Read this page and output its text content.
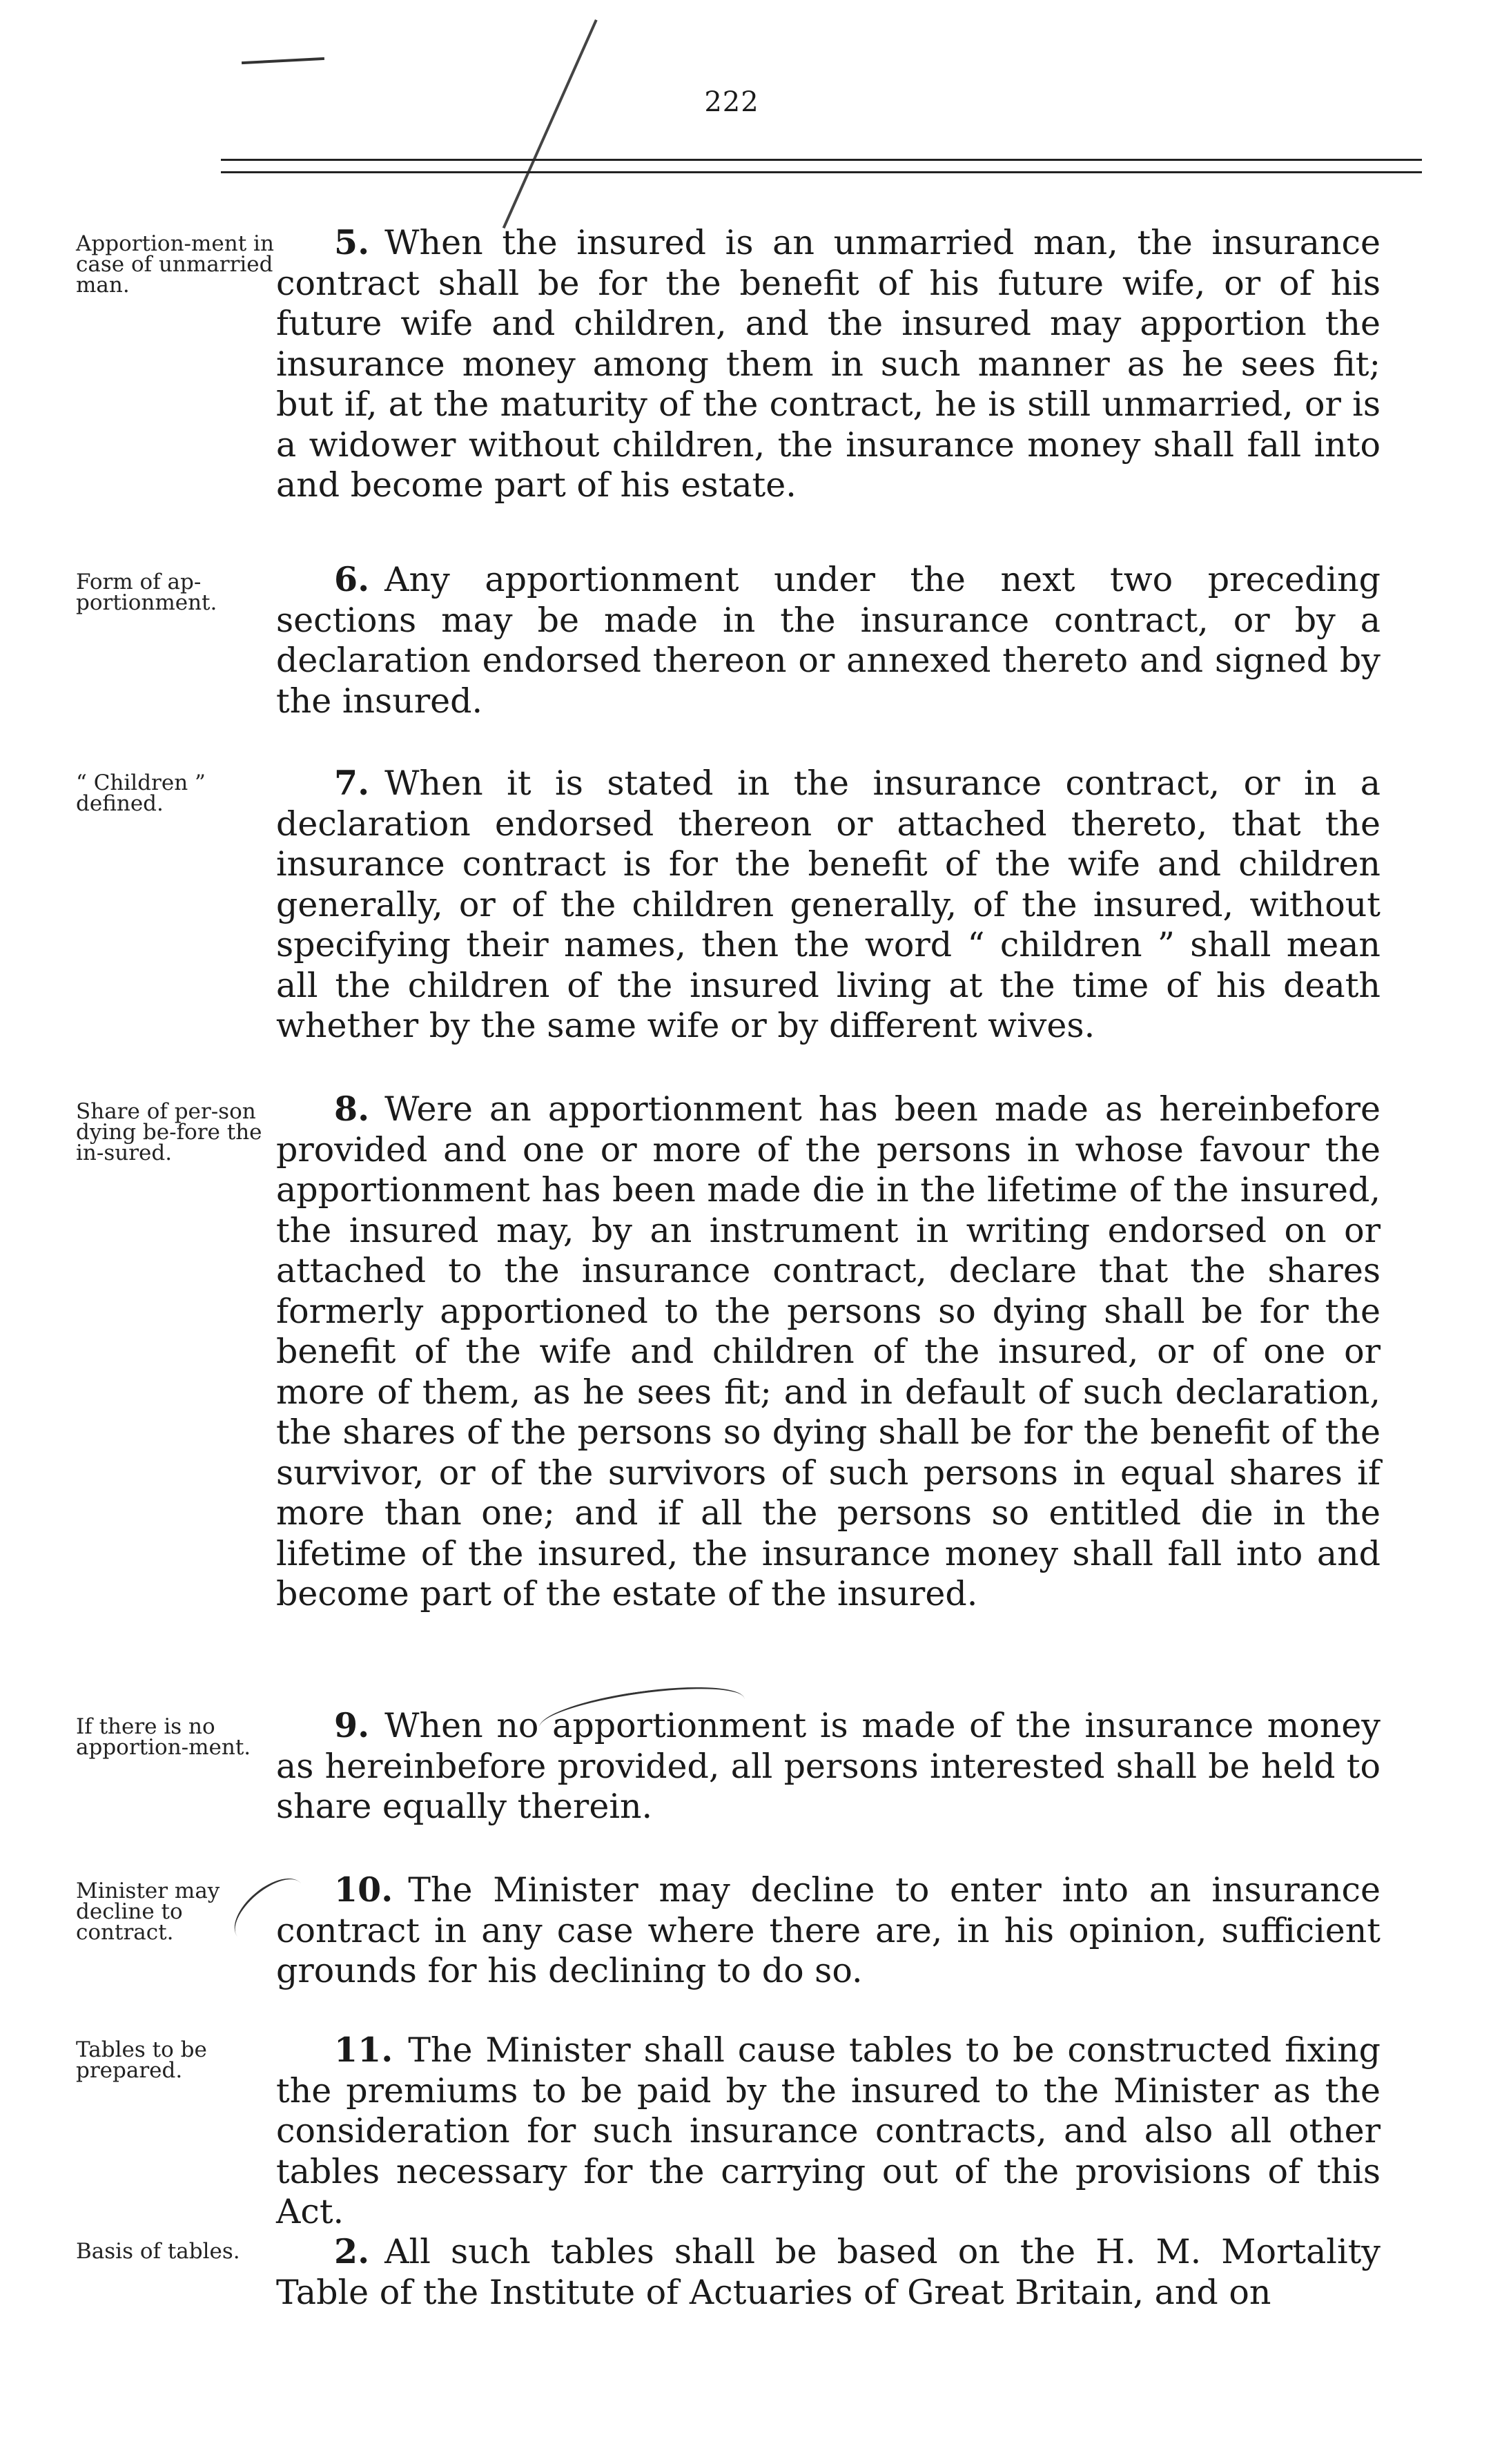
222
Apportion-ment in case of unmarried man.
5. When the insured is an unmarried man, the insurance contract shall be for the benefit of his future wife, or of his future wife and children, and the insured may apportion the insurance money among them in such manner as he sees fit; but if, at the maturity of the contract, he is still unmarried, or is a widower without children, the insurance money shall fall into and become part of his estate.
Form of ap-portionment.
6. Any apportionment under the next two preceding sections may be made in the insurance contract, or by a declaration endorsed thereon or annexed thereto and signed by the insured.
“ Children ” defined.
7. When it is stated in the insurance contract, or in a declaration endorsed thereon or attached thereto, that the insurance contract is for the benefit of the wife and children generally, or of the children generally, of the insured, without specifying their names, then the word “ children ” shall mean all the children of the insured living at the time of his death whether by the same wife or by different wives.
Share of per-son dying be-fore the in-sured.
8. Were an apportionment has been made as hereinbefore provided and one or more of the persons in whose favour the apportionment has been made die in the lifetime of the insured, the insured may, by an instrument in writing endorsed on or attached to the insurance contract, declare that the shares formerly apportioned to the persons so dying shall be for the benefit of the wife and children of the insured, or of one or more of them, as he sees fit; and in default of such declaration, the shares of the persons so dying shall be for the benefit of the survivor, or of the survivors of such persons in equal shares if more than one; and if all the persons so entitled die in the lifetime of the insured, the insurance money shall fall into and become part of the estate of the insured.
If there is no apportion-ment.
9. When no apportionment is made of the insurance money as hereinbefore provided, all persons interested shall be held to share equally therein.
Minister may decline to contract.
10. The Minister may decline to enter into an insurance contract in any case where there are, in his opinion, sufficient grounds for his declining to do so.
Tables to be prepared.
11. The Minister shall cause tables to be constructed fixing the premiums to be paid by the insured to the Minister as the consideration for such insurance contracts, and also all other tables necessary for the carrying out of the provisions of this Act.
Basis of tables.	2. All such tables shall be based on the H. M. Mortality Table of the Institute of Actuaries of Great Britain, and on
